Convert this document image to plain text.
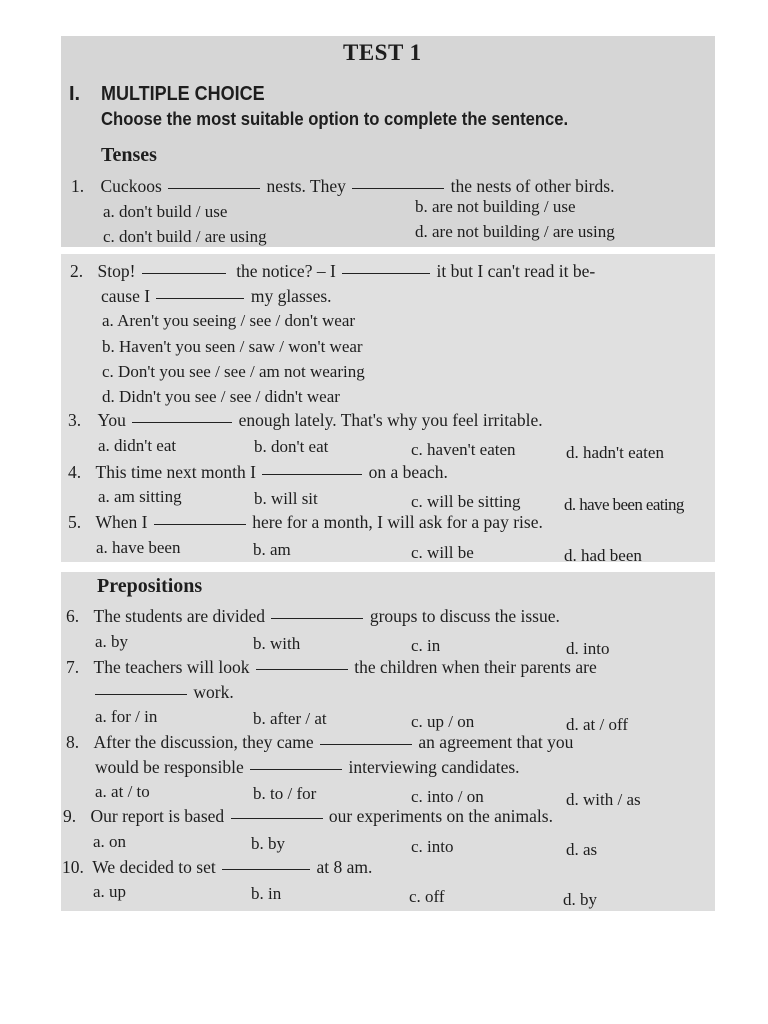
TEST 1
I. MULTIPLE CHOICE
Choose the most suitable option to complete the sentence.
Tenses
1. Cuckoos	nests. They	the nests of other birds.
a. don't build / use	b. are not building / use
c. don't build / are using	d. are not building / are using
2. Stop!	the notice? – I	it but I can't read it be-
cause I	my glasses.
a. Aren't you seeing / see / don't wear
b. Haven't you seen / saw / won't wear
c. Don't you see / see / am not wearing
d. Didn't you see / see / didn't wear
3. You	enough lately. That's why you feel irritable.
a. didn't eat	b. don't eat	c. haven't eaten	d. hadn't eaten
4. This time next month I	on a beach.
a. am sitting	b. will sit	c. will be sitting	d. have been eating
5. When I	here for a month, I will ask for a pay rise.
a. have been	b. am	c. will be	d. had been
Prepositions
6. The students are divided	groups to discuss the issue.
a. by	b. with	c. in	d. into
7. The teachers will look	the children when their parents are
work.
a. for / in	b. after / at	c. up / on	d. at / off
8. After the discussion, they came	an agreement that you
would be responsible	interviewing candidates.
a. at / to	b. to / for	c. into / on	d. with / as
9. Our report is based	our experiments on the animals.
a. on	b. by	c. into	d. as
10. We decided to set	at 8 am.
a. up	b. in	c. off	d. by
